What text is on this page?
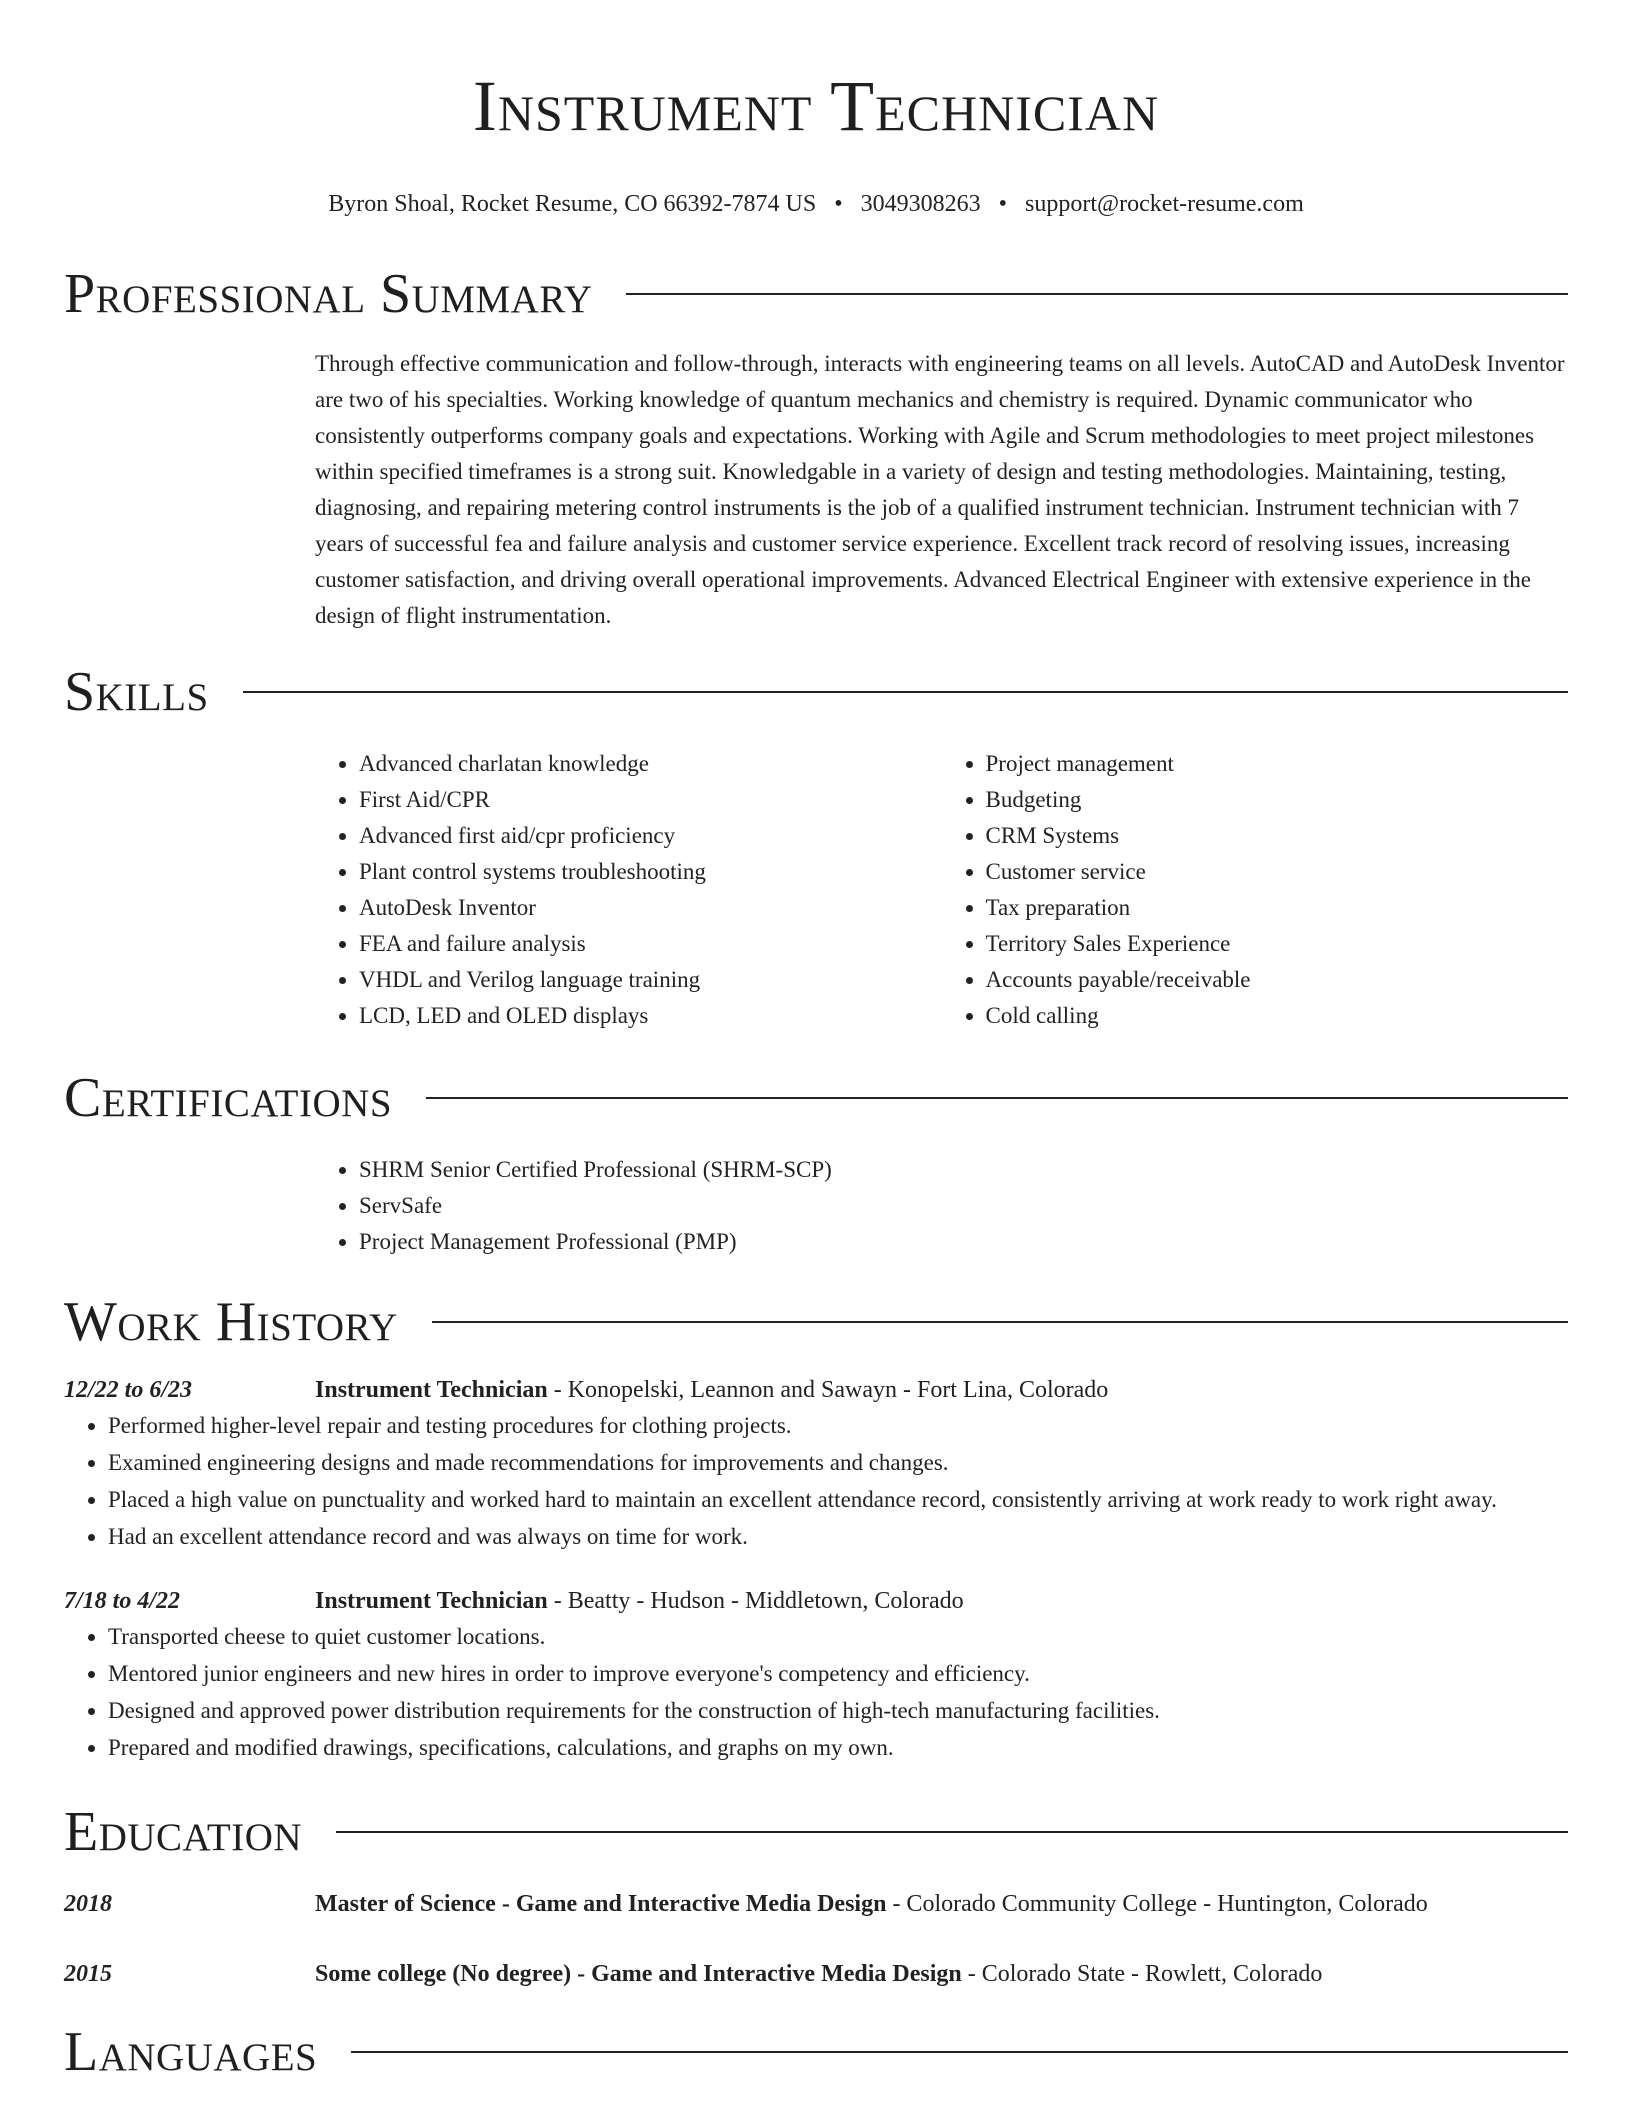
Instrument Technician
Byron Shoal, Rocket Resume, CO 66392-7874 US • 3049308263 • support@rocket-resume.com
Professional Summary
Through effective communication and follow-through, interacts with engineering teams on all levels. AutoCAD and AutoDesk Inventor are two of his specialties. Working knowledge of quantum mechanics and chemistry is required. Dynamic communicator who consistently outperforms company goals and expectations. Working with Agile and Scrum methodologies to meet project milestones within specified timeframes is a strong suit. Knowledgable in a variety of design and testing methodologies. Maintaining, testing, diagnosing, and repairing metering control instruments is the job of a qualified instrument technician. Instrument technician with 7 years of successful fea and failure analysis and customer service experience. Excellent track record of resolving issues, increasing customer satisfaction, and driving overall operational improvements. Advanced Electrical Engineer with extensive experience in the design of flight instrumentation.
Skills
• Advanced charlatan knowledge
• First Aid/CPR
• Advanced first aid/cpr proficiency
• Plant control systems troubleshooting
• AutoDesk Inventor
• FEA and failure analysis
• VHDL and Verilog language training
• LCD, LED and OLED displays
• Project management
• Budgeting
• CRM Systems
• Customer service
• Tax preparation
• Territory Sales Experience
• Accounts payable/receivable
• Cold calling
Certifications
• SHRM Senior Certified Professional (SHRM-SCP)
• ServSafe
• Project Management Professional (PMP)
Work History
12/22 to 6/23	Instrument Technician - Konopelski, Leannon and Sawayn - Fort Lina, Colorado
• Performed higher-level repair and testing procedures for clothing projects.
• Examined engineering designs and made recommendations for improvements and changes.
• Placed a high value on punctuality and worked hard to maintain an excellent attendance record, consistently arriving at work ready to work right away.
• Had an excellent attendance record and was always on time for work.
7/18 to 4/22	Instrument Technician - Beatty - Hudson - Middletown, Colorado
• Transported cheese to quiet customer locations.
• Mentored junior engineers and new hires in order to improve everyone's competency and efficiency.
• Designed and approved power distribution requirements for the construction of high-tech manufacturing facilities.
• Prepared and modified drawings, specifications, calculations, and graphs on my own.
Education
2018	Master of Science - Game and Interactive Media Design - Colorado Community College - Huntington, Colorado
2015	Some college (No degree) - Game and Interactive Media Design - Colorado State - Rowlett, Colorado
Languages
